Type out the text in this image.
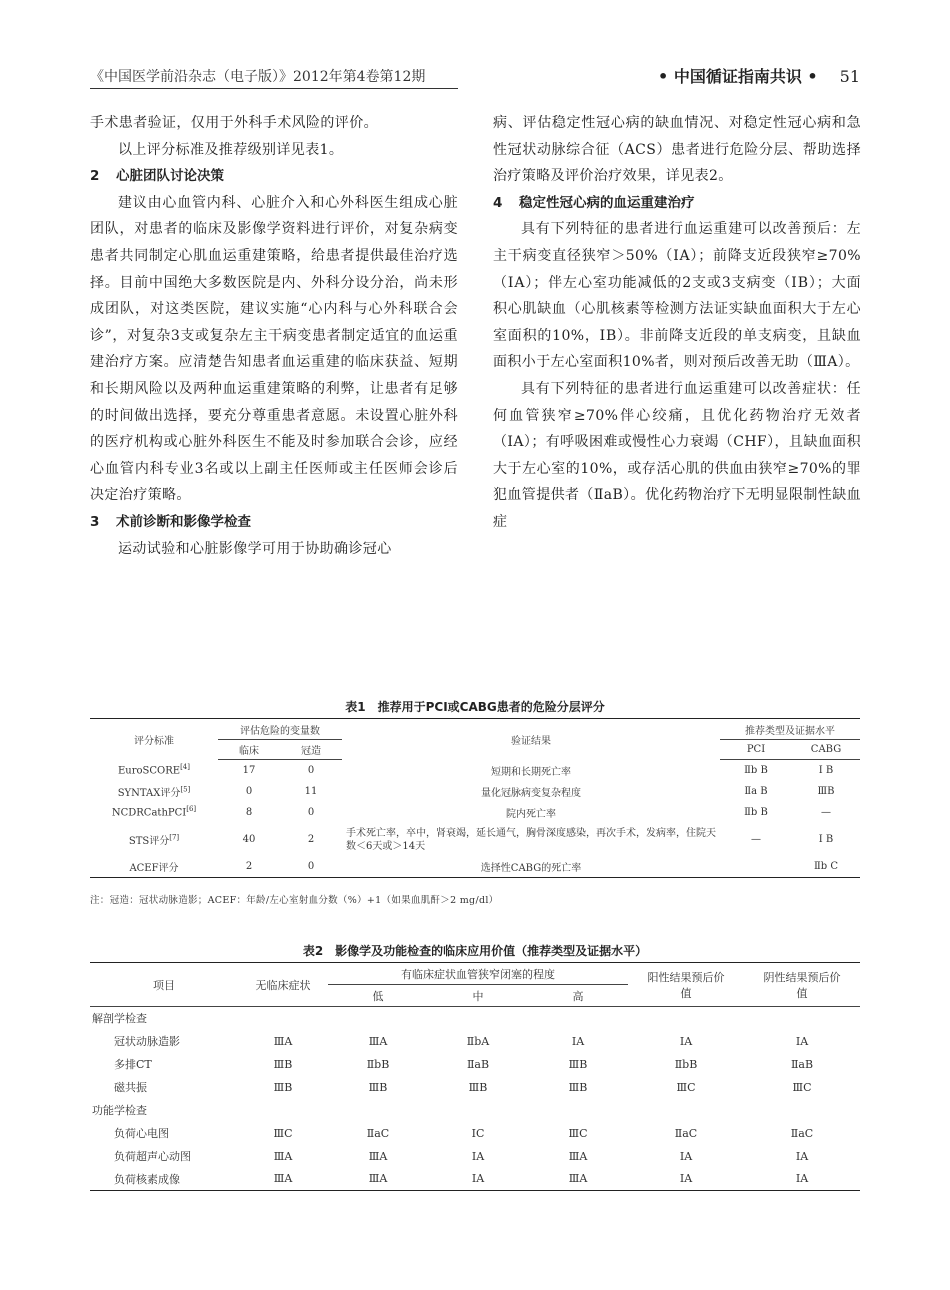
《中国医学前沿杂志（电子版）》2012年第4卷第12期	• 中国循证指南共识 • 51

手术患者验证，仅用于外科手术风险的评价。

以上评分标准及推荐级别详见表1。

2 心脏团队讨论决策

建议由心血管内科、心脏介入和心外科医生组成心脏团队，对患者的临床及影像学资料进行评价，对复杂病变患者共同制定心肌血运重建策略，给患者提供最佳治疗选择。目前中国绝大多数医院是内、外科分设分治，尚未形成团队，对这类医院，建议实施“心内科与心外科联合会诊”，对复杂3支或复杂左主干病变患者制定适宜的血运重建治疗方案。应清楚告知患者血运重建的临床获益、短期和长期风险以及两种血运重建策略的利弊，让患者有足够的时间做出选择，要充分尊重患者意愿。未设置心脏外科的医疗机构或心脏外科医生不能及时参加联合会诊，应经心血管内科专业3名或以上副主任医师或主任医师会诊后决定治疗策略。

3 术前诊断和影像学检查

运动试验和心脏影像学可用于协助确诊冠心

病、评估稳定性冠心病的缺血情况、对稳定性冠心病和急性冠状动脉综合征（ACS）患者进行危险分层、帮助选择治疗策略及评价治疗效果，详见表2。

4 稳定性冠心病的血运重建治疗

具有下列特征的患者进行血运重建可以改善预后：左主干病变直径狭窄＞50%（ⅠA）；前降支近段狭窄≥70%（ⅠA）；伴左心室功能减低的2支或3支病变（ⅠB）；大面积心肌缺血（心肌核素等检测方法证实缺血面积大于左心室面积的10%，ⅠB）。非前降支近段的单支病变，且缺血面积小于左心室面积10%者，则对预后改善无助（ⅢA）。

具有下列特征的患者进行血运重建可以改善症状：任何血管狭窄≥70%伴心绞痛，且优化药物治疗无效者（ⅠA）；有呼吸困难或慢性心力衰竭（CHF），且缺血面积大于左心室的10%，或存活心肌的供血由狭窄≥70%的罪犯血管提供者（ⅡaB）。优化药物治疗下无明显限制性缺血症

表1 推荐用于PCI或CABG患者的危险分层评分
评分标准	评估危险的变量数		验证结果	推荐类型及证据水平	
	临床	冠造		PCI	CABG
EuroSCORE[4]	17	0	短期和长期死亡率	Ⅱb B	Ⅰ B
SYNTAX评分[5]	0	11	量化冠脉病变复杂程度	Ⅱa B	ⅢB
NCDRCathPCI[6]	8	0	院内死亡率	Ⅱb B	—
STS评分[7]	40	2	手术死亡率，卒中，肾衰竭，延长通气，胸骨深度感染，再次手术，发病率，住院天数＜6天或＞14天	—	Ⅰ B
ACEF评分	2	0	选择性CABG的死亡率		Ⅱb C
注：冠造：冠状动脉造影；ACEF：年龄/左心室射血分数（%）+1（如果血肌酐＞2 mg/dl）
表2 影像学及功能检查的临床应用价值（推荐类型及证据水平）
项目	无临床症状	有临床症状血管狭窄闭塞的程度			阳性结果预后价值	阴性结果预后价值
		低	中	高		
解剖学检查						
冠状动脉造影	ⅢA	ⅢA	ⅡbA	ⅠA	ⅠA	ⅠA
多排CT	ⅢB	ⅡbB	ⅡaB	ⅢB	ⅡbB	ⅡaB
磁共振	ⅢB	ⅢB	ⅢB	ⅢB	ⅢC	ⅢC
功能学检查						
负荷心电图	ⅢC	ⅡaC	ⅠC	ⅢC	ⅡaC	ⅡaC
负荷超声心动图	ⅢA	ⅢA	ⅠA	ⅢA	ⅠA	ⅠA
负荷核素成像	ⅢA	ⅢA	ⅠA	ⅢA	ⅠA	ⅠA
